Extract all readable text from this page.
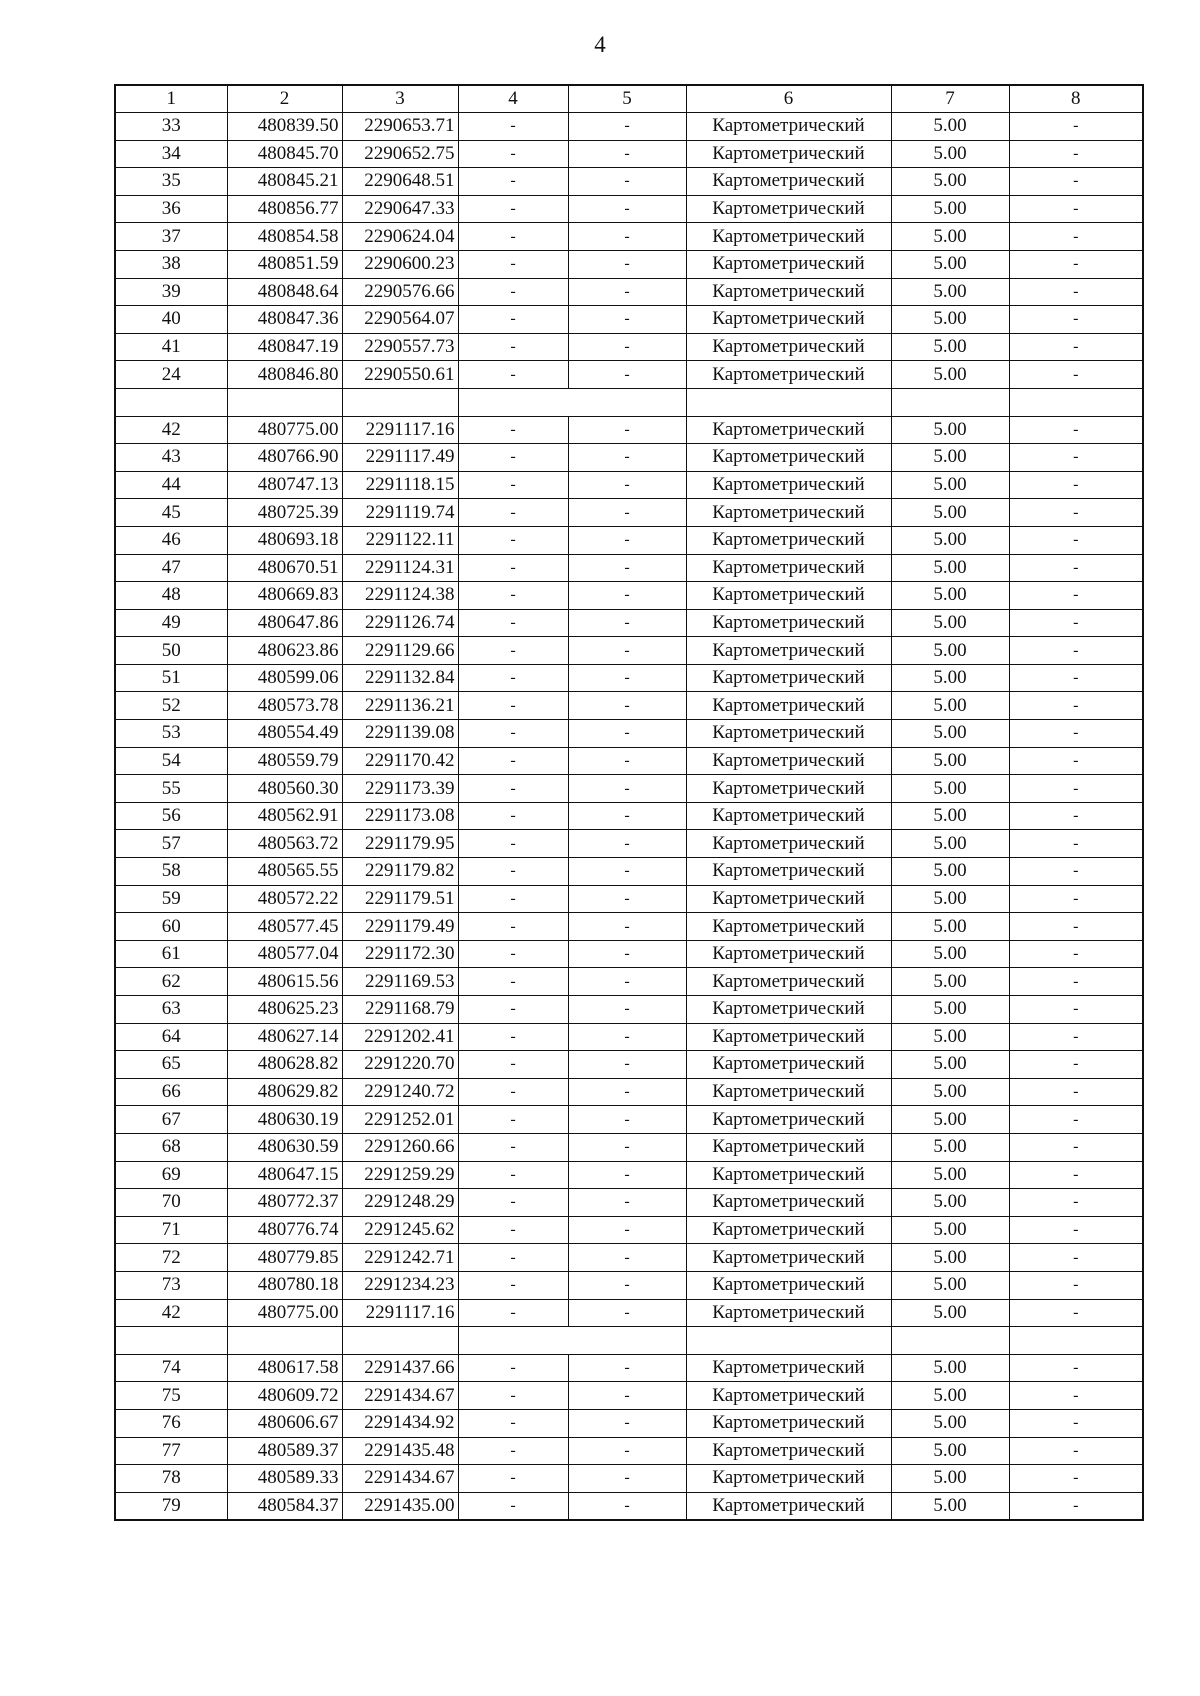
4
1	2	3	4	5	6	7	8
33	480839.50	2290653.71	-	-	Картометрический	5.00	-
34	480845.70	2290652.75	-	-	Картометрический	5.00	-
35	480845.21	2290648.51	-	-	Картометрический	5.00	-
36	480856.77	2290647.33	-	-	Картометрический	5.00	-
37	480854.58	2290624.04	-	-	Картометрический	5.00	-
38	480851.59	2290600.23	-	-	Картометрический	5.00	-
39	480848.64	2290576.66	-	-	Картометрический	5.00	-
40	480847.36	2290564.07	-	-	Картометрический	5.00	-
41	480847.19	2290557.73	-	-	Картометрический	5.00	-
24	480846.80	2290550.61	-	-	Картометрический	5.00	-

42	480775.00	2291117.16	-	-	Картометрический	5.00	-
43	480766.90	2291117.49	-	-	Картометрический	5.00	-
44	480747.13	2291118.15	-	-	Картометрический	5.00	-
45	480725.39	2291119.74	-	-	Картометрический	5.00	-
46	480693.18	2291122.11	-	-	Картометрический	5.00	-
47	480670.51	2291124.31	-	-	Картометрический	5.00	-
48	480669.83	2291124.38	-	-	Картометрический	5.00	-
49	480647.86	2291126.74	-	-	Картометрический	5.00	-
50	480623.86	2291129.66	-	-	Картометрический	5.00	-
51	480599.06	2291132.84	-	-	Картометрический	5.00	-
52	480573.78	2291136.21	-	-	Картометрический	5.00	-
53	480554.49	2291139.08	-	-	Картометрический	5.00	-
54	480559.79	2291170.42	-	-	Картометрический	5.00	-
55	480560.30	2291173.39	-	-	Картометрический	5.00	-
56	480562.91	2291173.08	-	-	Картометрический	5.00	-
57	480563.72	2291179.95	-	-	Картометрический	5.00	-
58	480565.55	2291179.82	-	-	Картометрический	5.00	-
59	480572.22	2291179.51	-	-	Картометрический	5.00	-
60	480577.45	2291179.49	-	-	Картометрический	5.00	-
61	480577.04	2291172.30	-	-	Картометрический	5.00	-
62	480615.56	2291169.53	-	-	Картометрический	5.00	-
63	480625.23	2291168.79	-	-	Картометрический	5.00	-
64	480627.14	2291202.41	-	-	Картометрический	5.00	-
65	480628.82	2291220.70	-	-	Картометрический	5.00	-
66	480629.82	2291240.72	-	-	Картометрический	5.00	-
67	480630.19	2291252.01	-	-	Картометрический	5.00	-
68	480630.59	2291260.66	-	-	Картометрический	5.00	-
69	480647.15	2291259.29	-	-	Картометрический	5.00	-
70	480772.37	2291248.29	-	-	Картометрический	5.00	-
71	480776.74	2291245.62	-	-	Картометрический	5.00	-
72	480779.85	2291242.71	-	-	Картометрический	5.00	-
73	480780.18	2291234.23	-	-	Картометрический	5.00	-
42	480775.00	2291117.16	-	-	Картометрический	5.00	-

74	480617.58	2291437.66	-	-	Картометрический	5.00	-
75	480609.72	2291434.67	-	-	Картометрический	5.00	-
76	480606.67	2291434.92	-	-	Картометрический	5.00	-
77	480589.37	2291435.48	-	-	Картометрический	5.00	-
78	480589.33	2291434.67	-	-	Картометрический	5.00	-
79	480584.37	2291435.00	-	-	Картометрический	5.00	-
